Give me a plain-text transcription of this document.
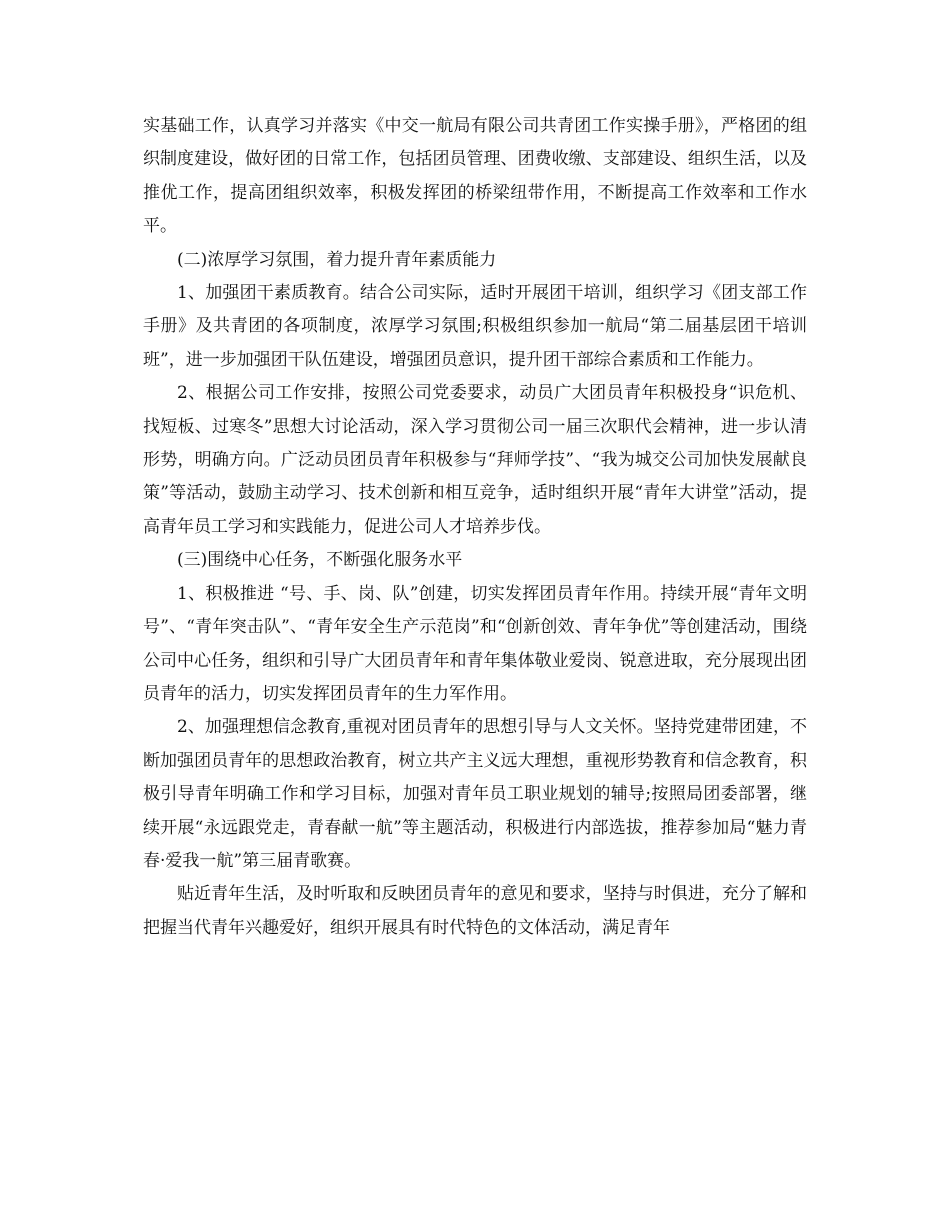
实基础工作，认真学习并落实《中交一航局有限公司共青团工作实操手册》，严格团的组织制度建设，做好团的日常工作，包括团员管理、团费收缴、支部建设、组织生活，以及推优工作，提高团组织效率，积极发挥团的桥梁纽带作用，不断提高工作效率和工作水平。

(二)浓厚学习氛围，着力提升青年素质能力

1、加强团干素质教育。结合公司实际，适时开展团干培训，组织学习《团支部工作手册》及共青团的各项制度，浓厚学习氛围;积极组织参加一航局“第二届基层团干培训班”，进一步加强团干队伍建设，增强团员意识，提升团干部综合素质和工作能力。

2、根据公司工作安排，按照公司党委要求，动员广大团员青年积极投身“识危机、找短板、过寒冬”思想大讨论活动，深入学习贯彻公司一届三次职代会精神，进一步认清形势，明确方向。广泛动员团员青年积极参与“拜师学技”、“我为城交公司加快发展献良策”等活动，鼓励主动学习、技术创新和相互竞争，适时组织开展“青年大讲堂”活动，提高青年员工学习和实践能力，促进公司人才培养步伐。

(三)围绕中心任务，不断强化服务水平

1、积极推进 “号、手、岗、队”创建，切实发挥团员青年作用。持续开展“青年文明号”、“青年突击队”、“青年安全生产示范岗”和“创新创效、青年争优”等创建活动，围绕公司中心任务，组织和引导广大团员青年和青年集体敬业爱岗、锐意进取，充分展现出团员青年的活力，切实发挥团员青年的生力军作用。

2、加强理想信念教育,重视对团员青年的思想引导与人文关怀。坚持党建带团建，不断加强团员青年的思想政治教育，树立共产主义远大理想，重视形势教育和信念教育，积极引导青年明确工作和学习目标，加强对青年员工职业规划的辅导;按照局团委部署，继续开展“永远跟党走，青春献一航”等主题活动，积极进行内部选拔，推荐参加局“魅力青春·爱我一航”第三届青歌赛。

贴近青年生活，及时听取和反映团员青年的意见和要求，坚持与时俱进，充分了解和把握当代青年兴趣爱好，组织开展具有时代特色的文体活动，满足青年
